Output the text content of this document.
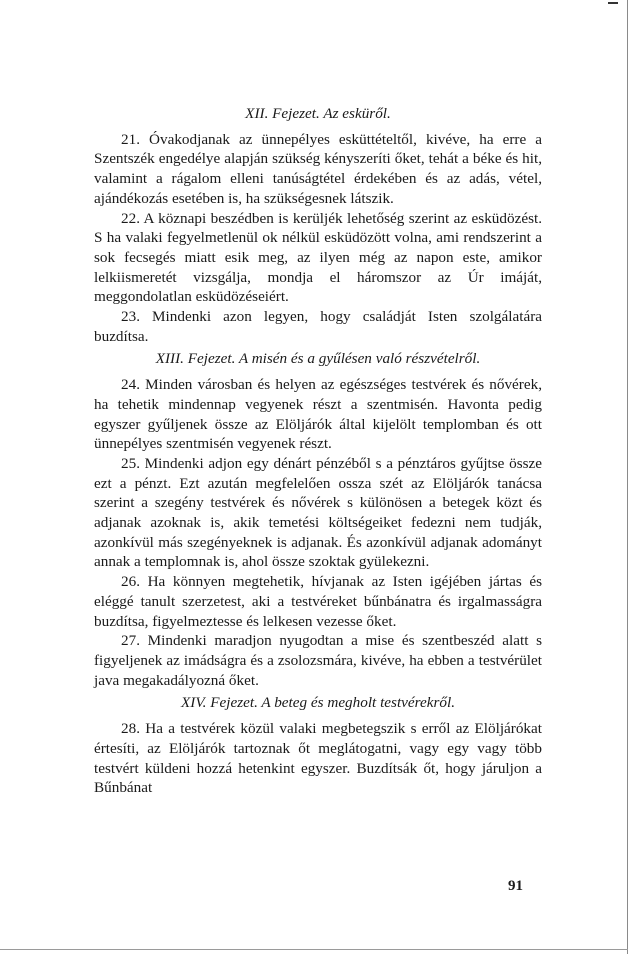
XII. Fejezet. Az esküről.

21. Óvakodjanak az ünnepélyes esküttételtől, kivéve, ha erre a Szentszék engedélye alapján szükség kényszeríti őket, tehát a béke és hit, valamint a rágalom elleni tanúságtétel érdekében és az adás, vétel, ajándékozás esetében is, ha szükségesnek látszik.

22. A köznapi beszédben is kerüljék lehetőség szerint az esküdözést. S ha valaki fegyelmetlenül ok nélkül esküdözött volna, ami rendszerint a sok fecsegés miatt esik meg, az ilyen még az napon este, amikor lelkiismeretét vizsgálja, mondja el háromszor az Úr imáját, meggondolatlan esküdözéseiért.

23. Mindenki azon legyen, hogy családját Isten szolgálatára buzdítsa.

XIII. Fejezet. A misén és a gyűlésen való részvételről.

24. Minden városban és helyen az egészséges testvérek és nővérek, ha tehetik mindennap vegyenek részt a szentmisén. Havonta pedig egyszer gyűljenek össze az Elöljárók által kijelölt templomban és ott ünnepélyes szentmisén vegyenek részt.

25. Mindenki adjon egy dénárt pénzéből s a pénztáros gyűjtse össze ezt a pénzt. Ezt azután megfelelően ossza szét az Elöljárók tanácsa szerint a szegény testvérek és nővérek s különösen a betegek közt és adjanak azoknak is, akik temetési költségeiket fedezni nem tudják, azonkívül más szegényeknek is adjanak. És azonkívül adjanak adományt annak a templomnak is, ahol össze szoktak gyülekezni.

26. Ha könnyen megtehetik, hívjanak az Isten igéjében jártas és eléggé tanult szerzetest, aki a testvéreket bűnbánatra és irgalmasságra buzdítsa, figyelmeztesse és lelkesen vezesse őket.

27. Mindenki maradjon nyugodtan a mise és szentbeszéd alatt s figyeljenek az imádságra és a zsolozsmára, kivéve, ha ebben a testvérület java megakadályozná őket.

XIV. Fejezet. A beteg és megholt testvérekről.

28. Ha a testvérek közül valaki megbetegszik s erről az Elöljárókat értesíti, az Elöljárók tartoznak őt meglátogatni, vagy egy vagy több testvért küldeni hozzá hetenkint egyszer. Buzdítsák őt, hogy járuljon a Bűnbánat

91
